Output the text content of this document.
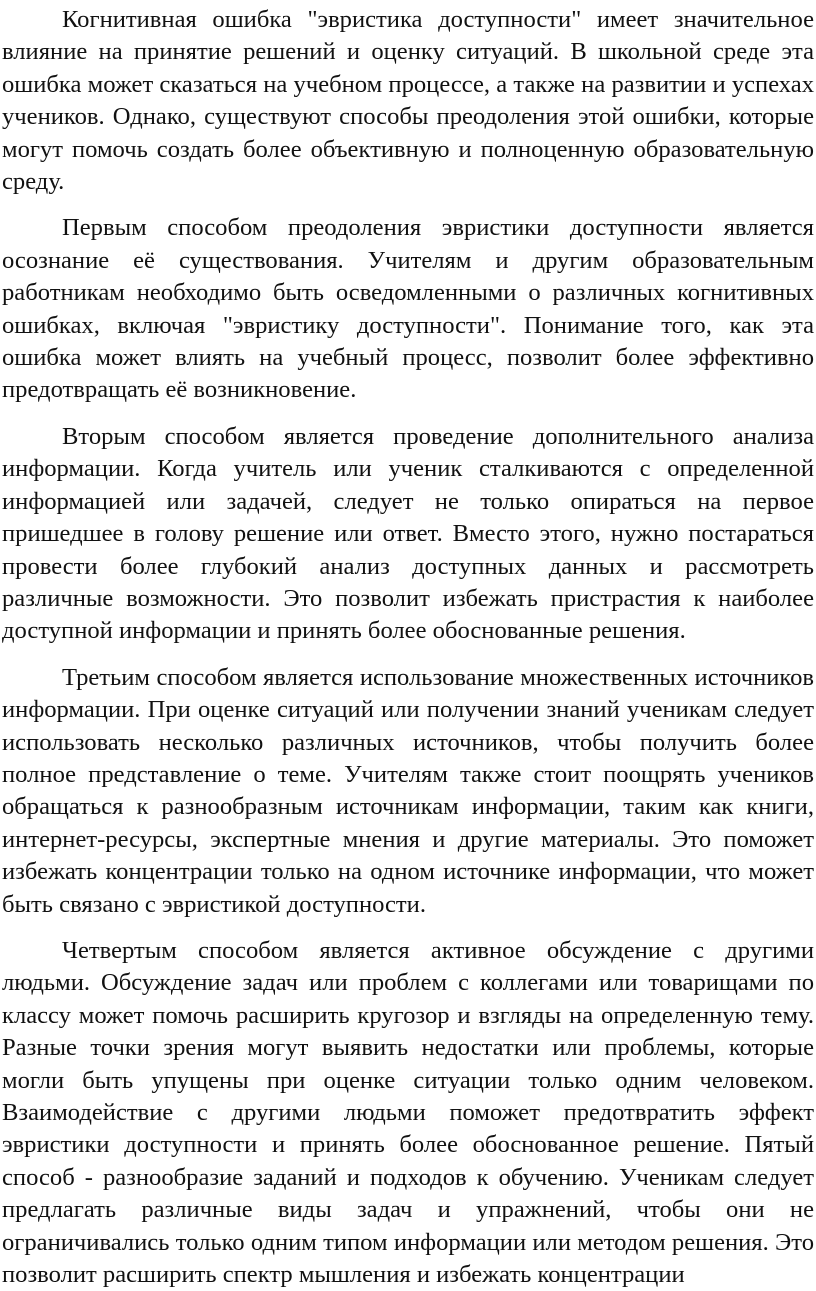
Когнитивная ошибка "эвристика доступности" имеет значительное влияние на принятие решений и оценку ситуаций. В школьной среде эта ошибка может сказаться на учебном процессе, а также на развитии и успехах учеников. Однако, существуют способы преодоления этой ошибки, которые могут помочь создать более объективную и полноценную образовательную среду.

Первым способом преодоления эвристики доступности является осознание её существования. Учителям и другим образовательным работникам необходимо быть осведомленными о различных когнитивных ошибках, включая "эвристику доступности". Понимание того, как эта ошибка может влиять на учебный процесс, позволит более эффективно предотвращать её возникновение.

Вторым способом является проведение дополнительного анализа информации. Когда учитель или ученик сталкиваются с определенной информацией или задачей, следует не только опираться на первое пришедшее в голову решение или ответ. Вместо этого, нужно постараться провести более глубокий анализ доступных данных и рассмотреть различные возможности. Это позволит избежать пристрастия к наиболее доступной информации и принять более обоснованные решения.

Третьим способом является использование множественных источников информации. При оценке ситуаций или получении знаний ученикам следует использовать несколько различных источников, чтобы получить более полное представление о теме. Учителям также стоит поощрять учеников обращаться к разнообразным источникам информации, таким как книги, интернет-ресурсы, экспертные мнения и другие материалы. Это поможет избежать концентрации только на одном источнике информации, что может быть связано с эвристикой доступности.

Четвертым способом является активное обсуждение с другими людьми. Обсуждение задач или проблем с коллегами или товарищами по классу может помочь расширить кругозор и взгляды на определенную тему. Разные точки зрения могут выявить недостатки или проблемы, которые могли быть упущены при оценке ситуации только одним человеком. Взаимодействие с другими людьми поможет предотвратить эффект эвристики доступности и принять более обоснованное решение. Пятый способ - разнообразие заданий и подходов к обучению. Ученикам следует предлагать различные виды задач и упражнений, чтобы они не ограничивались только одним типом информации или методом решения. Это позволит расширить спектр мышления и избежать концентрации
